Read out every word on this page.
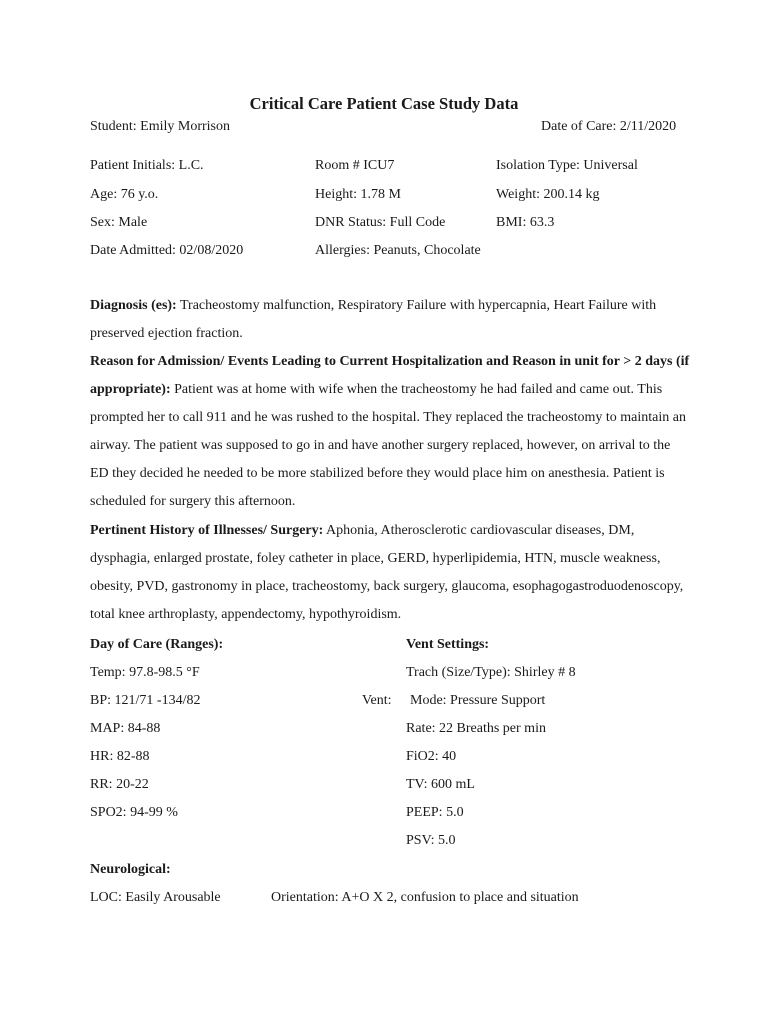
Critical Care Patient Case Study Data
Student: Emily Morrison	Date of Care: 2/11/2020
Patient Initials: L.C.	Room # ICU7	Isolation Type: Universal
Age: 76 y.o.	Height: 1.78 M	Weight: 200.14 kg
Sex: Male	DNR Status: Full Code	BMI: 63.3
Date Admitted: 02/08/2020	Allergies: Peanuts, Chocolate
Diagnosis (es): Tracheostomy malfunction, Respiratory Failure with hypercapnia, Heart Failure with preserved ejection fraction.
Reason for Admission/ Events Leading to Current Hospitalization and Reason in unit for > 2 days (if appropriate): Patient was at home with wife when the tracheostomy he had failed and came out. This prompted her to call 911 and he was rushed to the hospital. They replaced the tracheostomy to maintain an airway. The patient was supposed to go in and have another surgery replaced, however, on arrival to the ED they decided he needed to be more stabilized before they would place him on anesthesia. Patient is scheduled for surgery this afternoon.
Pertinent History of Illnesses/ Surgery: Aphonia, Atherosclerotic cardiovascular diseases, DM, dysphagia, enlarged prostate, foley catheter in place, GERD, hyperlipidemia, HTN, muscle weakness, obesity, PVD, gastronomy in place, tracheostomy, back surgery, glaucoma, esophagogastroduodenoscopy, total knee arthroplasty, appendectomy, hypothyroidism.
Day of Care (Ranges):
Temp: 97.8-98.5 °F
BP: 121/71 -134/82
MAP: 84-88
HR: 82-88
RR: 20-22
SPO2: 94-99 %
Vent Settings:
Trach (Size/Type): Shirley # 8
Vent: Mode: Pressure Support
Rate: 22 Breaths per min
FiO2: 40
TV: 600 mL
PEEP: 5.0
PSV: 5.0
Neurological:
LOC: Easily Arousable	Orientation: A+O X 2, confusion to place and situation
